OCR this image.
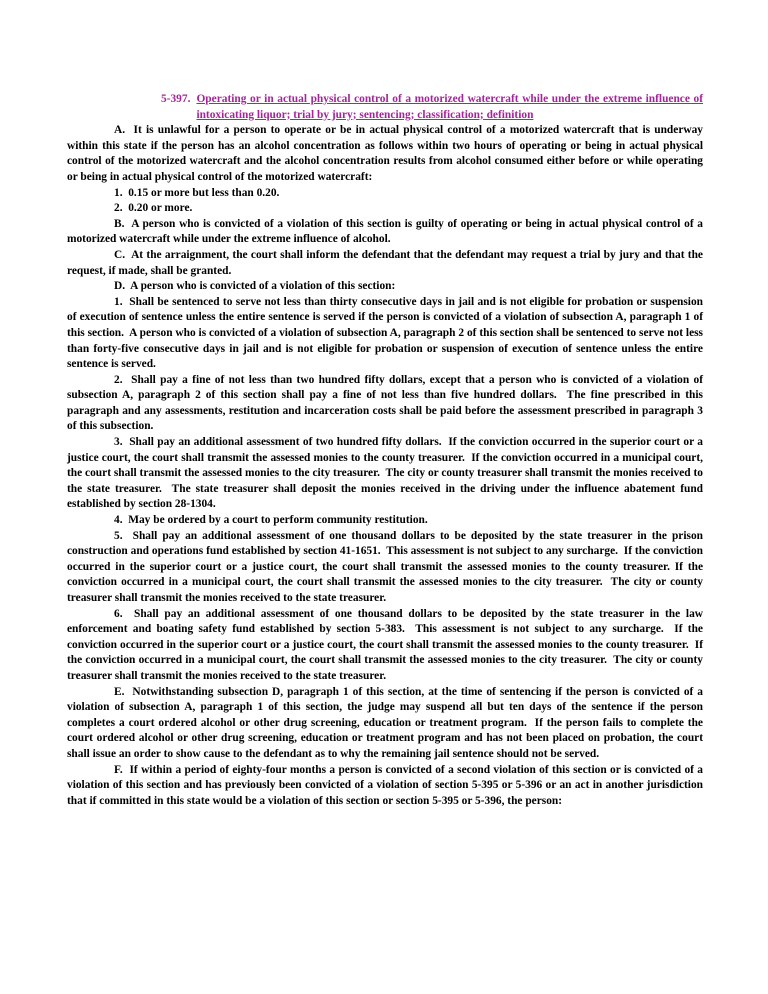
5-397. Operating or in actual physical control of a motorized watercraft while under the extreme influence of intoxicating liquor; trial by jury; sentencing; classification; definition

A.  It is unlawful for a person to operate or be in actual physical control of a motorized watercraft that is underway within this state if the person has an alcohol concentration as follows within two hours of operating or being in actual physical control of the motorized watercraft and the alcohol concentration results from alcohol consumed either before or while operating or being in actual physical control of the motorized watercraft:

1.  0.15 or more but less than 0.20.

2.  0.20 or more.

B.  A person who is convicted of a violation of this section is guilty of operating or being in actual physical control of a motorized watercraft while under the extreme influence of alcohol.

C.  At the arraignment, the court shall inform the defendant that the defendant may request a trial by jury and that the request, if made, shall be granted.

D.  A person who is convicted of a violation of this section:

1.  Shall be sentenced to serve not less than thirty consecutive days in jail and is not eligible for probation or suspension of execution of sentence unless the entire sentence is served if the person is convicted of a violation of subsection A, paragraph 1 of this section.  A person who is convicted of a violation of subsection A, paragraph 2 of this section shall be sentenced to serve not less than forty-five consecutive days in jail and is not eligible for probation or suspension of execution of sentence unless the entire sentence is served.

2.  Shall pay a fine of not less than two hundred fifty dollars, except that a person who is convicted of a violation of subsection A, paragraph 2 of this section shall pay a fine of not less than five hundred dollars.  The fine prescribed in this paragraph and any assessments, restitution and incarceration costs shall be paid before the assessment prescribed in paragraph 3 of this subsection.

3.  Shall pay an additional assessment of two hundred fifty dollars.  If the conviction occurred in the superior court or a justice court, the court shall transmit the assessed monies to the county treasurer.  If the conviction occurred in a municipal court, the court shall transmit the assessed monies to the city treasurer.  The city or county treasurer shall transmit the monies received to the state treasurer.  The state treasurer shall deposit the monies received in the driving under the influence abatement fund established by section 28-1304.

4.  May be ordered by a court to perform community restitution.

5.  Shall pay an additional assessment of one thousand dollars to be deposited by the state treasurer in the prison construction and operations fund established by section 41-1651.  This assessment is not subject to any surcharge.  If the conviction occurred in the superior court or a justice court, the court shall transmit the assessed monies to the county treasurer. If the conviction occurred in a municipal court, the court shall transmit the assessed monies to the city treasurer.  The city or county treasurer shall transmit the monies received to the state treasurer.

6.  Shall pay an additional assessment of one thousand dollars to be deposited by the state treasurer in the law enforcement and boating safety fund established by section 5-383.  This assessment is not subject to any surcharge.  If the conviction occurred in the superior court or a justice court, the court shall transmit the assessed monies to the county treasurer.  If the conviction occurred in a municipal court, the court shall transmit the assessed monies to the city treasurer.  The city or county treasurer shall transmit the monies received to the state treasurer.

E.  Notwithstanding subsection D, paragraph 1 of this section, at the time of sentencing if the person is convicted of a violation of subsection A, paragraph 1 of this section, the judge may suspend all but ten days of the sentence if the person completes a court ordered alcohol or other drug screening, education or treatment program.  If the person fails to complete the court ordered alcohol or other drug screening, education or treatment program and has not been placed on probation, the court shall issue an order to show cause to the defendant as to why the remaining jail sentence should not be served.

F.  If within a period of eighty-four months a person is convicted of a second violation of this section or is convicted of a violation of this section and has previously been convicted of a violation of section 5-395 or 5-396 or an act in another jurisdiction that if committed in this state would be a violation of this section or section 5-395 or 5-396, the person:
